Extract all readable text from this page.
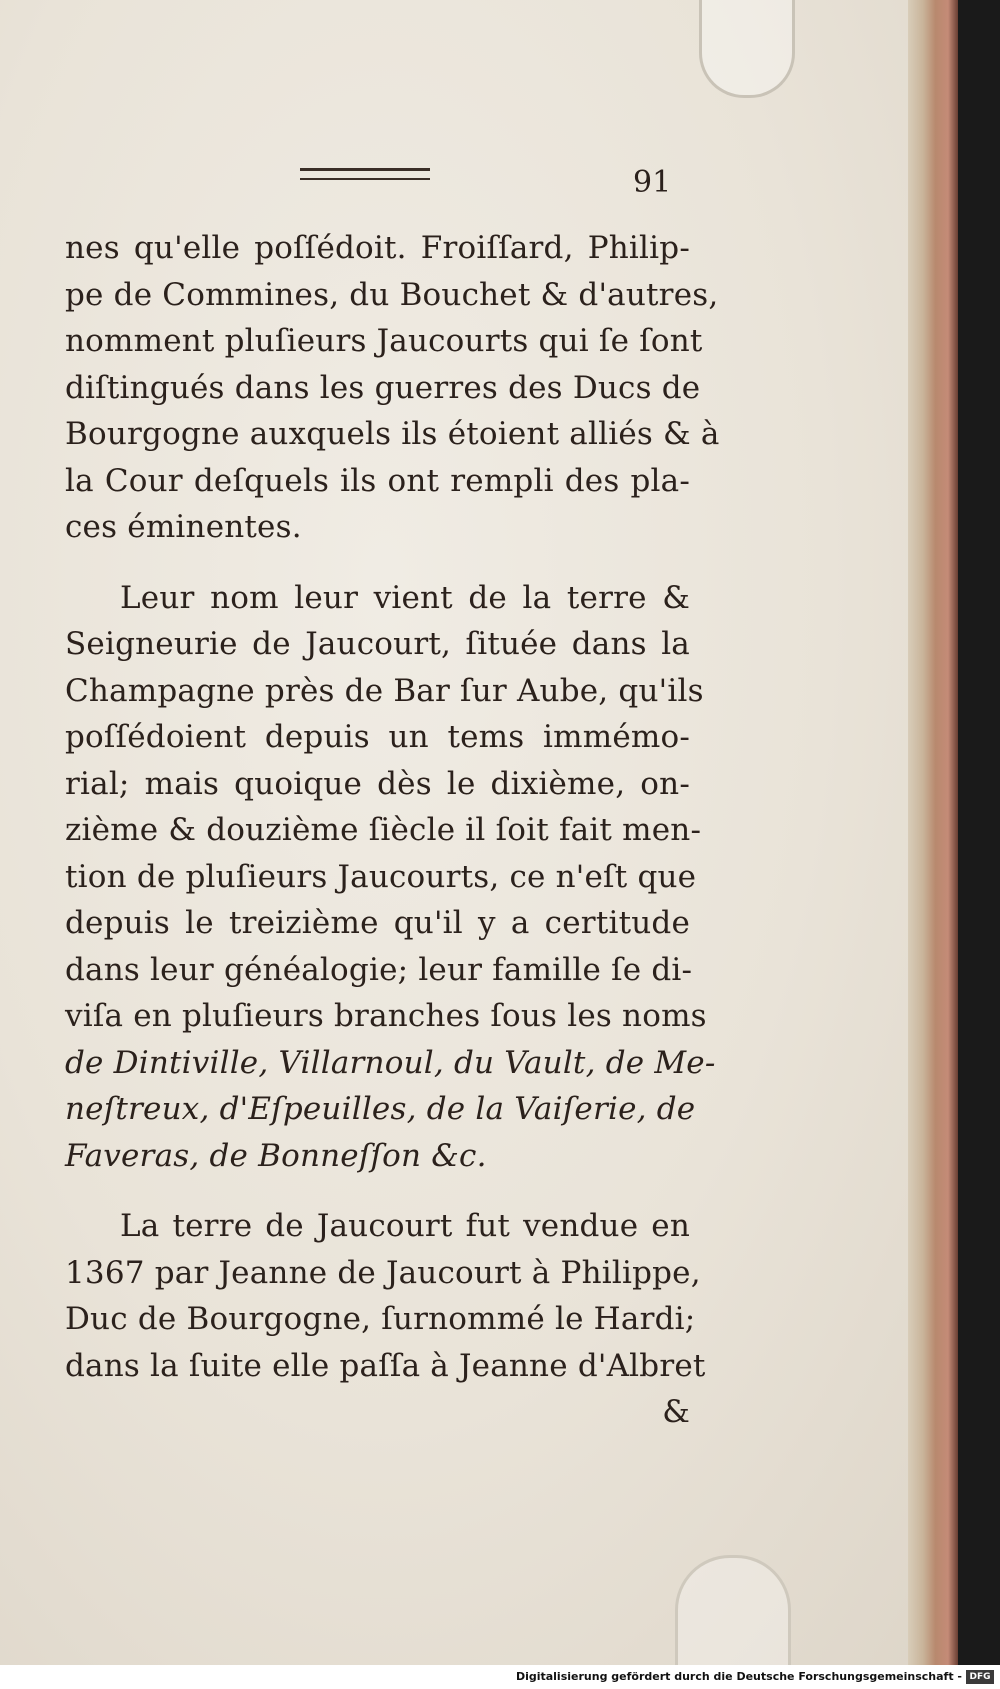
91
nes qu'elle poſſédoit. Froiſſard, Philip-
pe de Commines, du Bouchet & d'autres,
nomment pluſieurs Jaucourts qui ſe ſont
diſtingués dans les guerres des Ducs de
Bourgogne auxquels ils étoient alliés & à
la Cour deſquels ils ont rempli des pla-
ces éminentes.
Leur nom leur vient de la terre &
Seigneurie de Jaucourt, ſituée dans la
Champagne près de Bar ſur Aube, qu'ils
poſſédoient depuis un tems immémo-
rial; mais quoique dès le dixième, on-
zième & douzième ſiècle il ſoit fait men-
tion de pluſieurs Jaucourts, ce n'eſt que
depuis le treizième qu'il y a certitude
dans leur généalogie; leur famille ſe di-
viſa en pluſieurs branches ſous les noms
de Dintiville, Villarnoul, du Vault, de Me-
neſtreux, d'Eſpeuilles, de la Vaiſerie, de
Faveras, de Bonneſſon &c.
La terre de Jaucourt fut vendue en
1367 par Jeanne de Jaucourt à Philippe,
Duc de Bourgogne, ſurnommé le Hardi;
dans la ſuite elle paſſa à Jeanne d'Albret
&
Digitalisierung gefördert durch die Deutsche Forschungsgemeinschaft - DFG
